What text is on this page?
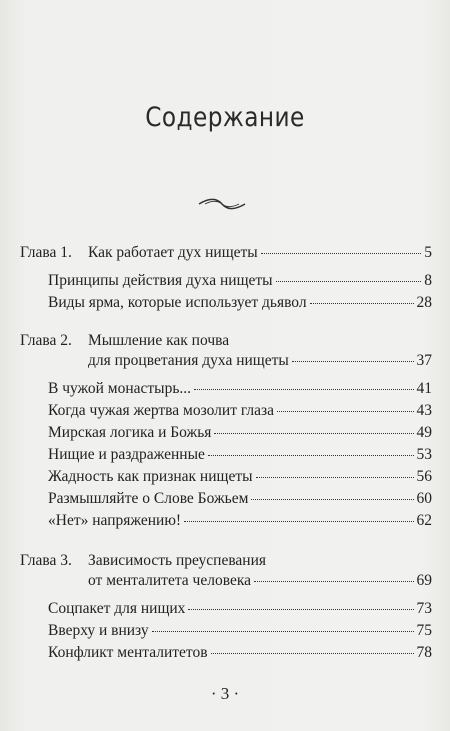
Содержание
Глава 1.	Как работает дух нищеты	5
Принципы действия духа нищеты	8
Виды ярма, которые использует дьявол	28
Глава 2.	Мышление как почва
для процветания духа нищеты	37
В чужой монастырь...	41
Когда чужая жертва мозолит глаза	43
Мирская логика и Божья	49
Нищие и раздраженные	53
Жадность как признак нищеты	56
Размышляйте о Слове Божьем	60
«Нет» напряжению!	62
Глава 3.	Зависимость преуспевания
от менталитета человека	69
Соцпакет для нищих	73
Вверху и внизу	75
Конфликт менталитетов	78
· 3 ·
